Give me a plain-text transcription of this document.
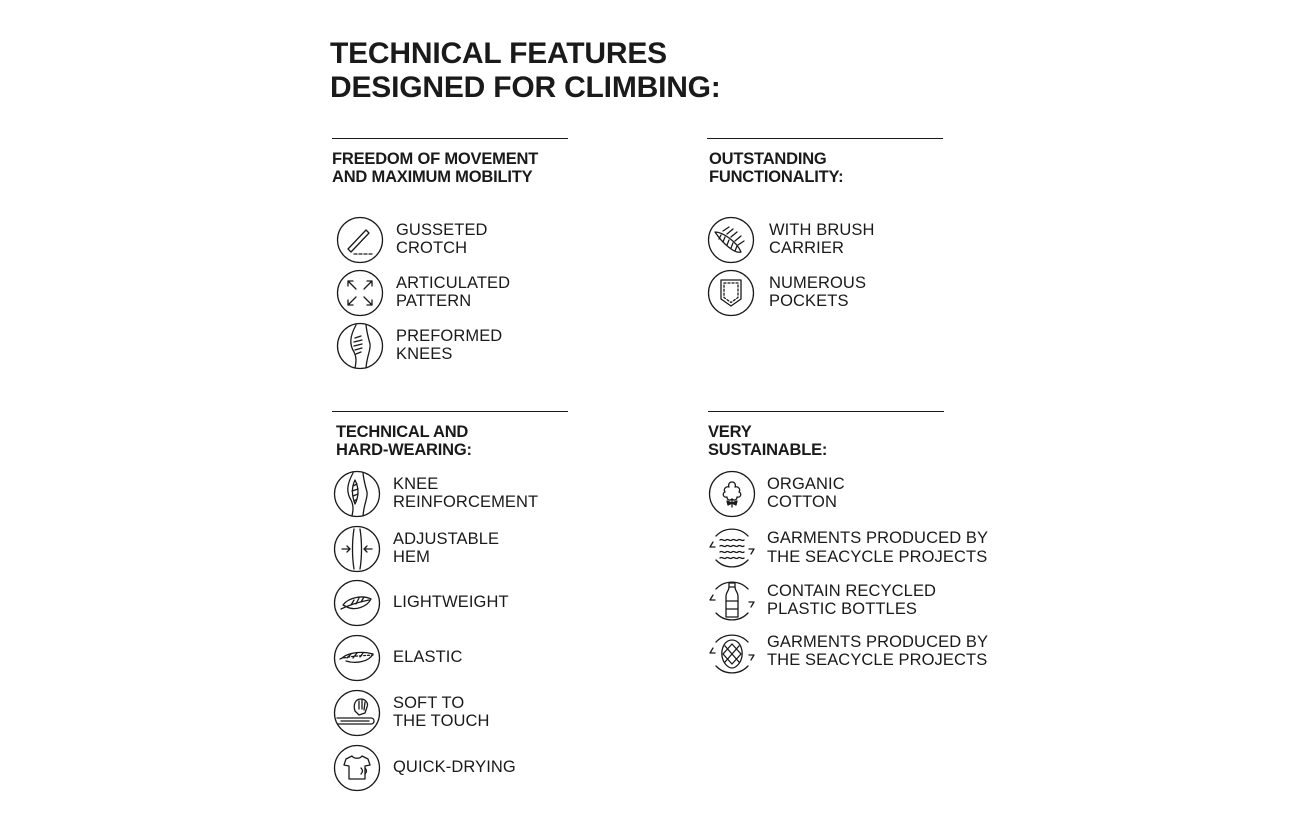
TECHNICAL FEATURES
DESIGNED FOR CLIMBING:
FREEDOM OF MOVEMENT
AND MAXIMUM MOBILITY
GUSSETED
CROTCH
ARTICULATED
PATTERN
PREFORMED
KNEES
OUTSTANDING
FUNCTIONALITY:
WITH BRUSH
CARRIER
NUMEROUS
POCKETS
TECHNICAL AND
HARD-WEARING:
KNEE
REINFORCEMENT
ADJUSTABLE
HEM
LIGHTWEIGHT
ELASTIC
SOFT TO
THE TOUCH
QUICK-DRYING
VERY
SUSTAINABLE:
ORGANIC
COTTON
GARMENTS PRODUCED BY
THE SEACYCLE PROJECTS
CONTAIN RECYCLED
PLASTIC BOTTLES
GARMENTS PRODUCED BY
THE SEACYCLE PROJECTS
